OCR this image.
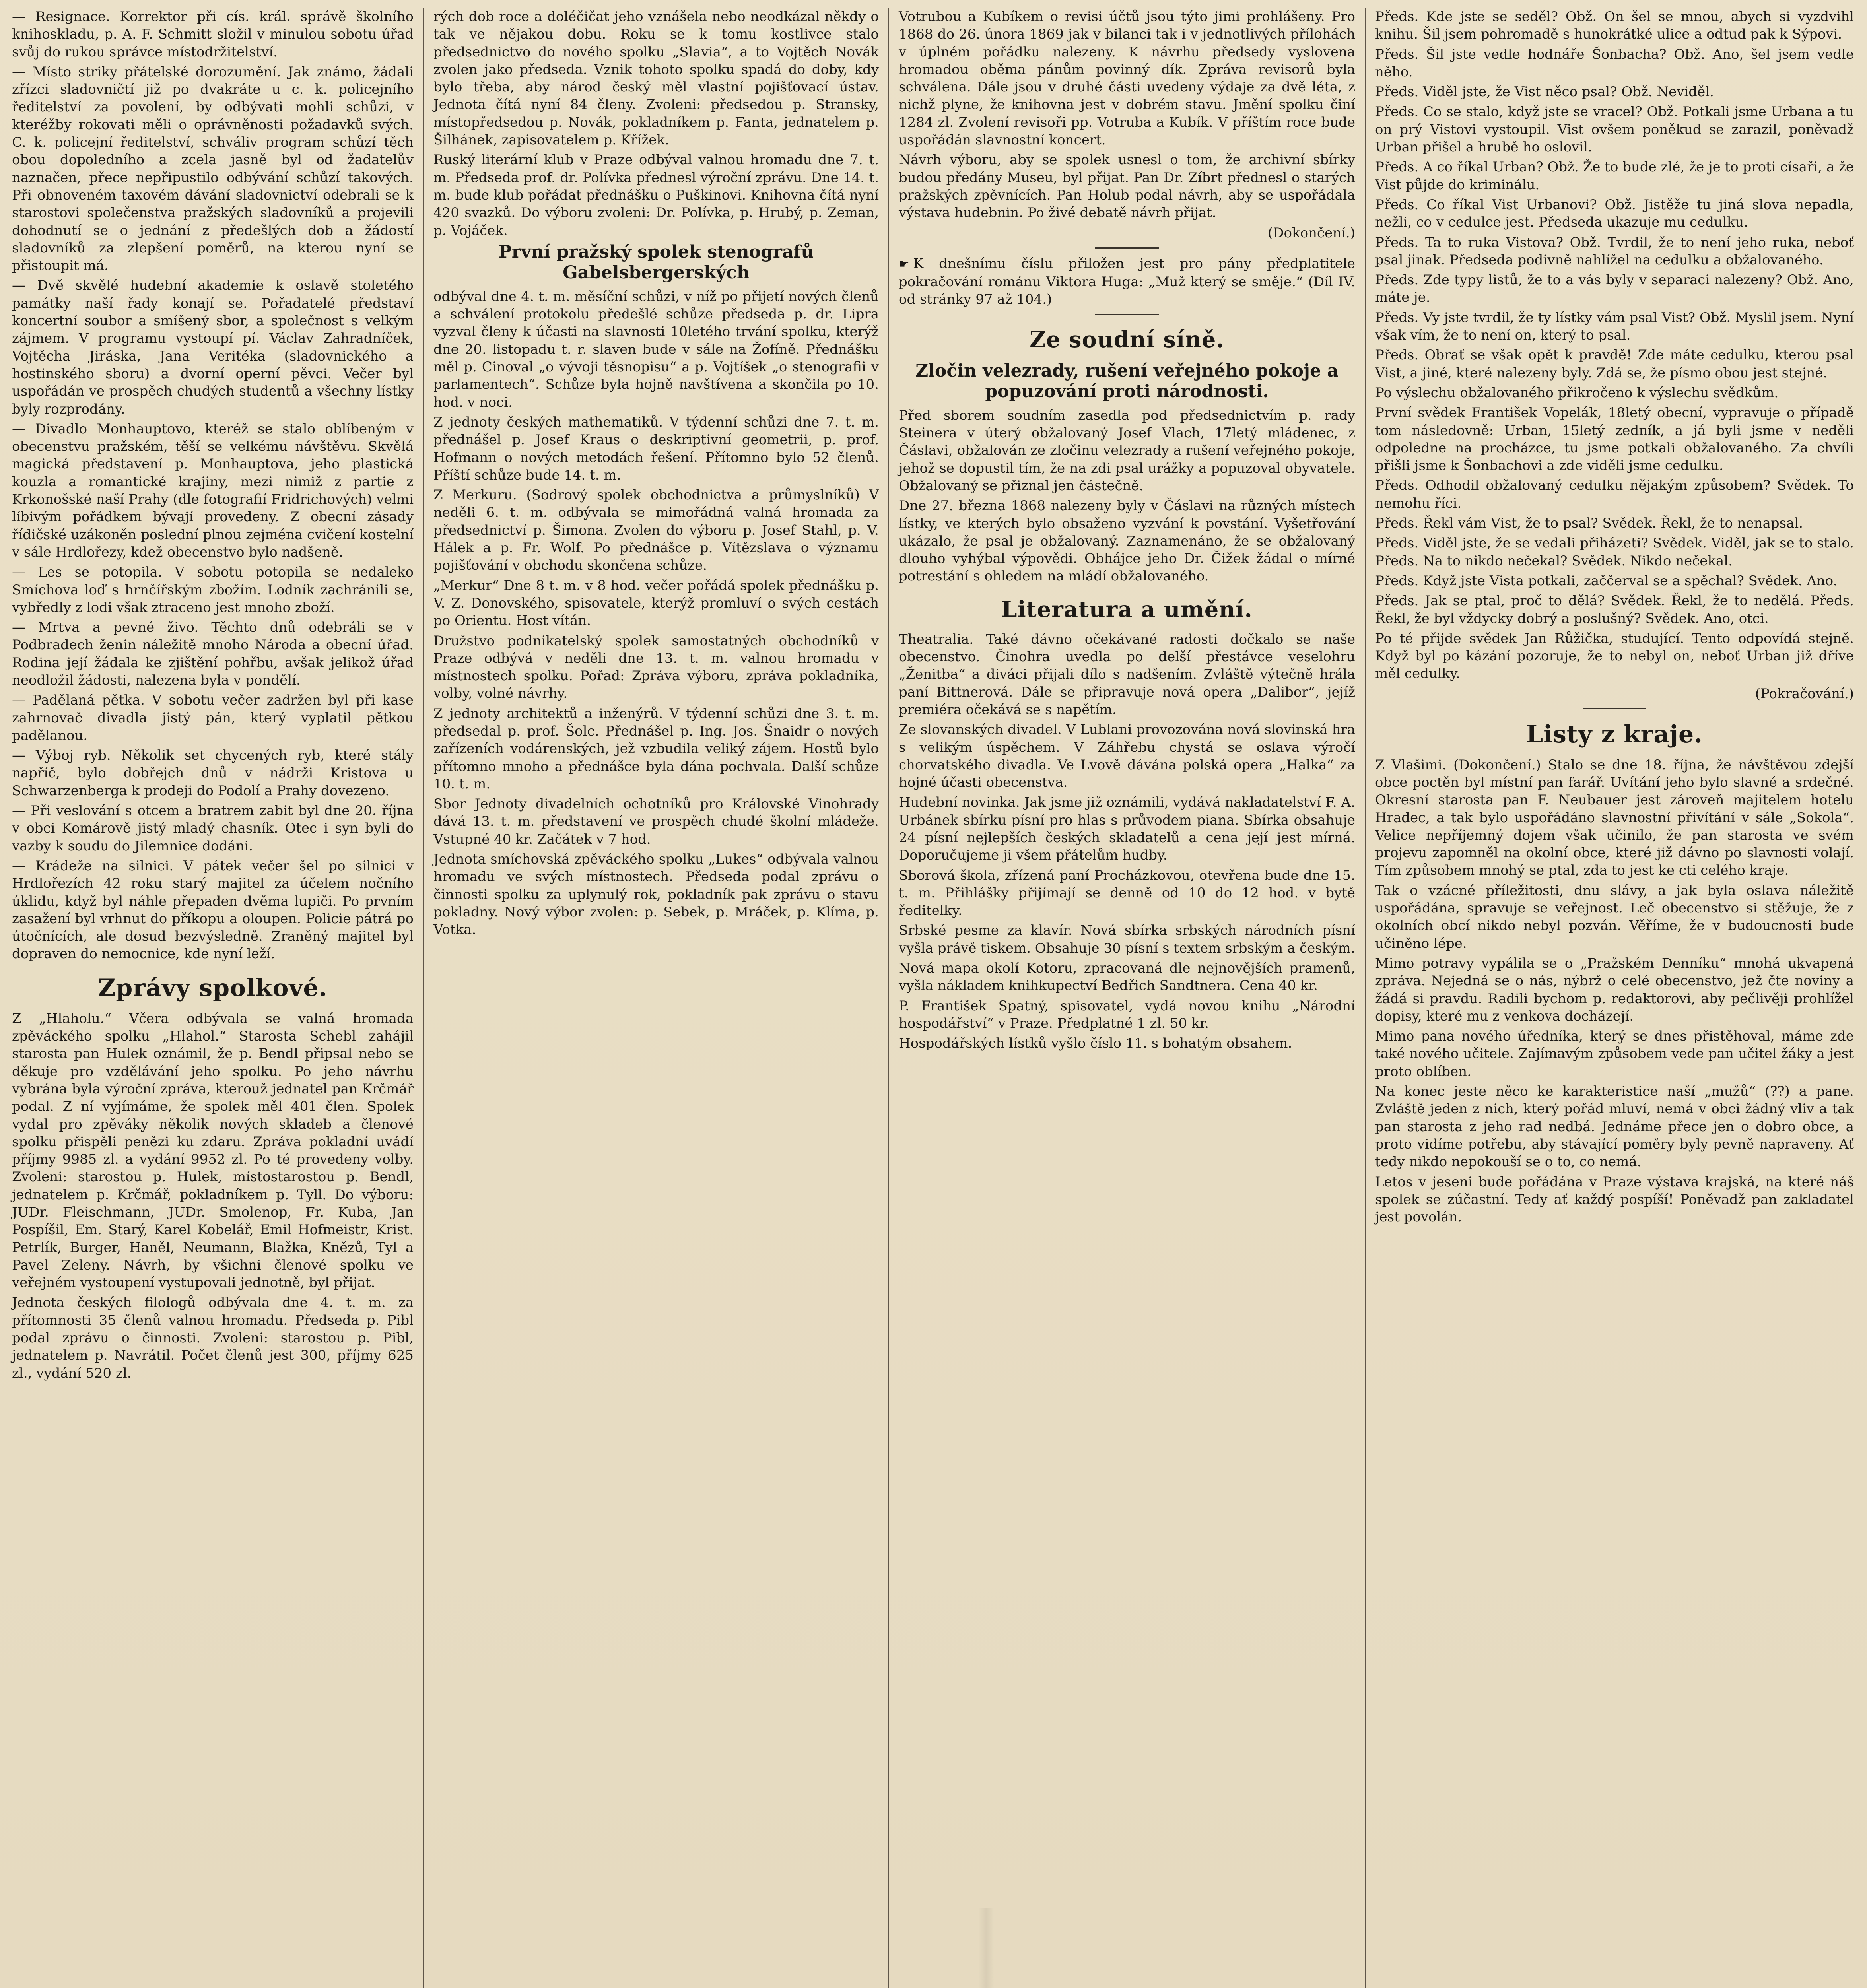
— Resignace. Korrektor při cís. král. správě školního knihoskladu, p. A. F. Schmitt složil v minulou sobotu úřad svůj do rukou správce místodržitelství.

— Místo striky přátelské dorozumění. Jak známo, žádali zřízci sladovničtí již po dvakráte u c. k. policejního ředitelství za povolení, by odbývati mohli schůzi, v kteréžby rokovati měli o oprávněnosti požadavků svých. C. k. policejní ředitelství, schváliv program schůzí těch obou dopoledního a zcela jasně byl od žadatelův naznačen, přece nepřipustilo odbývání schůzí takových. Při obnoveném taxovém dávání sladovnictví odebrali se k starostovi společenstva pražských sladovníků a projevili dohodnutí se o jednání z předešlých dob a žádostí sladovníků za zlepšení poměrů, na kterou nyní se přistoupit má.

— Dvě skvělé hudební akademie k oslavě stoletého památky naší řady konají se. Pořadatelé představí koncertní soubor a smíšený sbor, a společnost s velkým zájmem. V programu vystoupí pí. Václav Zahradníček, Vojtěcha Jiráska, Jana Veritéka (sladovnického a hostinského sboru) a dvorní operní pěvci. Večer byl uspořádán ve prospěch chudých studentů a všechny lístky byly rozprodány.

— Divadlo Monhauptovo, kteréž se stalo oblíbeným v obecenstvu pražském, těší se velkému návštěvu. Skvělá magická představení p. Monhauptova, jeho plastická kouzla a romantické krajiny, mezi nimiž z partie z Krkonošské naší Prahy (dle fotografií Fridrichových) velmi líbivým pořádkem bývají provedeny. Z obecní zásady řídičské uzákoněn poslední plnou zejména cvičení kostelní v sále Hrdlořezy, kdež obecenstvo bylo nadšeně.

— Les se potopila. V sobotu potopila se nedaleko Smíchova loď s hrnčířským zbožím. Lodník zachránili se, vybředly z lodi však ztraceno jest mnoho zboží.

— Mrtva a pevné živo. Těchto dnů odebráli se v Podbradech ženin náležitě mnoho Národa a obecní úřad. Rodina její žádala ke zjištění pohřbu, avšak jelikož úřad neodložil žádosti, nalezena byla v pondělí.

— Padělaná pětka. V sobotu večer zadržen byl při kase zahrnovač divadla jistý pán, který vyplatil pětkou padělanou.

— Výboj ryb. Několik set chycených ryb, které stály napříč, bylo dobřejch dnů v nádrži Kristova u Schwarzenberga k prodeji do Podolí a Prahy dovezeno.

— Při veslování s otcem a bratrem zabit byl dne 20. října v obci Komárově jistý mladý chasník. Otec i syn byli do vazby k soudu do Jilemnice dodáni.

— Krádeže na silnici. V pátek večer šel po silnici v Hrdlořezích 42 roku starý majitel za účelem nočního úklidu, když byl náhle přepaden dvěma lupiči. Po prvním zasažení byl vrhnut do příkopu a oloupen. Policie pátrá po útočnících, ale dosud bezvýsledně. Zraněný majitel byl dopraven do nemocnice, kde nyní leží.

Zprávy spolkové.

Z „Hlaholu.“ Včera odbývala se valná hromada zpěváckého spolku „Hlahol.“ Starosta Schebl zahájil starosta pan Hulek oznámil, že p. Bendl připsal nebo se děkuje pro vzdělávání jeho spolku. Po jeho návrhu vybrána byla výroční zpráva, kterouž jednatel pan Krčmář podal. Z ní vyjímáme, že spolek měl 401 člen. Spolek vydal pro zpěváky několik nových skladeb a členové spolku přispěli penězi ku zdaru. Zpráva pokladní uvádí příjmy 9985 zl. a vydání 9952 zl. Po té provedeny volby. Zvoleni: starostou p. Hulek, místostarostou p. Bendl, jednatelem p. Krčmář, pokladníkem p. Tyll. Do výboru: JUDr. Fleischmann, JUDr. Smolenop, Fr. Kuba, Jan Pospíšil, Em. Starý, Karel Kobelář, Emil Hofmeistr, Krist. Petrlík, Burger, Haněl, Neumann, Blažka, Knězů, Tyl a Pavel Zeleny. Návrh, by všichni členové spolku ve veřejném vystoupení vystupovali jednotně, byl přijat.

Jednota českých filologů odbývala dne 4. t. m. za přítomnosti 35 členů valnou hromadu. Předseda p. Pibl podal zprávu o činnosti. Zvoleni: starostou p. Pibl, jednatelem p. Navrátil. Počet členů jest 300, příjmy 625 zl., vydání 520 zl.

rých dob roce a doléčičat jeho vznášela nebo neodkázal někdy o tak ve nějakou dobu. Roku se k tomu kostlivce stalo předsednictvo do nového spolku „Slavia“, a to Vojtěch Novák zvolen jako předseda. Vznik tohoto spolku spadá do doby, kdy bylo třeba, aby národ český měl vlastní pojišťovací ústav. Jednota čítá nyní 84 členy. Zvoleni: předsedou p. Stransky, místopředsedou p. Novák, pokladníkem p. Fanta, jednatelem p. Šilhánek, zapisovatelem p. Křížek.

Ruský literární klub v Praze odbýval valnou hromadu dne 7. t. m. Předseda prof. dr. Polívka přednesl výroční zprávu. Dne 14. t. m. bude klub pořádat přednášku o Puškinovi. Knihovna čítá nyní 420 svazků. Do výboru zvoleni: Dr. Polívka, p. Hrubý, p. Zeman, p. Vojáček.

První pražský spolek stenografů Gabelsbergerských

odbýval dne 4. t. m. měsíční schůzi, v níž po přijetí nových členů a schválení protokolu předešlé schůze předseda p. dr. Lipra vyzval členy k účasti na slavnosti 10letého trvání spolku, kterýž dne 20. listopadu t. r. slaven bude v sále na Žofíně. Přednášku měl p. Cinoval „o vývoji těsnopisu“ a p. Vojtíšek „o stenografii v parlamentech“. Schůze byla hojně navštívena a skončila po 10. hod. v noci.

Z jednoty českých mathematiků. V týdenní schůzi dne 7. t. m. přednášel p. Josef Kraus o deskriptivní geometrii, p. prof. Hofmann o nových metodách řešení. Přítomno bylo 52 členů. Příští schůze bude 14. t. m.

Z Merkuru. (Sodrový spolek obchodnictva a průmyslníků) V neděli 6. t. m. odbývala se mimořádná valná hromada za předsednictví p. Šimona. Zvolen do výboru p. Josef Stahl, p. V. Hálek a p. Fr. Wolf. Po přednášce p. Vítězslava o významu pojišťování v obchodu skončena schůze.

„Merkur“ Dne 8 t. m. v 8 hod. večer pořádá spolek přednášku p. V. Z. Donovského, spisovatele, kterýž promluví o svých cestách po Orientu. Host vítán.

Družstvo podnikatelský spolek samostatných obchodníků v Praze odbývá v neděli dne 13. t. m. valnou hromadu v místnostech spolku. Pořad: Zpráva výboru, zpráva pokladníka, volby, volné návrhy.

Z jednoty architektů a inženýrů. V týdenní schůzi dne 3. t. m. předsedal p. prof. Šolc. Přednášel p. Ing. Jos. Šnaidr o nových zařízeních vodárenských, jež vzbudila veliký zájem. Hostů bylo přítomno mnoho a přednášce byla dána pochvala. Další schůze 10. t. m.

Sbor Jednoty divadelních ochotníků pro Královské Vinohrady dává 13. t. m. představení ve prospěch chudé školní mládeže. Vstupné 40 kr. Začátek v 7 hod.

Jednota smíchovská zpěváckého spolku „Lukes“ odbývala valnou hromadu ve svých místnostech. Předseda podal zprávu o činnosti spolku za uplynulý rok, pokladník pak zprávu o stavu pokladny. Nový výbor zvolen: p. Sebek, p. Mráček, p. Klíma, p. Votka.

Votrubou a Kubíkem o revisi účtů jsou týto jimi prohlášeny. Pro 1868 do 26. února 1869 jak v bilanci tak i v jednotlivých přílohách v úplném pořádku nalezeny. K návrhu předsedy vyslovena hromadou oběma pánům povinný dík. Zpráva revisorů byla schválena. Dále jsou v druhé části uvedeny výdaje za dvě léta, z nichž plyne, že knihovna jest v dobrém stavu. Jmění spolku činí 1284 zl. Zvolení revisoři pp. Votruba a Kubík. V příštím roce bude uspořádán slavnostní koncert.

Návrh výboru, aby se spolek usnesl o tom, že archivní sbírky budou předány Museu, byl přijat. Pan Dr. Zíbrt přednesl o starých pražských zpěvnících. Pan Holub podal návrh, aby se uspořádala výstava hudebnin. Po živé debatě návrh přijat.

(Dokončení.)

☛ K dnešnímu číslu přiložen jest pro pány předplatitele pokračování románu Viktora Huga: „Muž který se směje.“ (Díl IV. od stránky 97 až 104.)

Ze soudní síně.
Zločin velezrady, rušení veřejného pokoje a popuzování proti národnosti.

Před sborem soudním zasedla pod předsednictvím p. rady Steinera v úterý obžalovaný Josef Vlach, 17letý mládenec, z Čáslavi, obžalován ze zločinu velezrady a rušení veřejného pokoje, jehož se dopustil tím, že na zdi psal urážky a popuzoval obyvatele. Obžalovaný se přiznal jen částečně.

Dne 27. března 1868 nalezeny byly v Čáslavi na různých místech lístky, ve kterých bylo obsaženo vyzvání k povstání. Vyšetřování ukázalo, že psal je obžalovaný. Zaznamenáno, že se obžalovaný dlouho vyhýbal výpovědi. Obhájce jeho Dr. Čižek žádal o mírné potrestání s ohledem na mládí obžalovaného.

Literatura a umění.

Theatralia. Také dávno očekávané radosti dočkalo se naše obecenstvo. Činohra uvedla po delší přestávce veselohru „Ženitba“ a diváci přijali dílo s nadšením. Zvláště výtečně hrála paní Bittnerová. Dále se připravuje nová opera „Dalibor“, jejíž premiéra očekává se s napětím.

Ze slovanských divadel. V Lublani provozována nová slovinská hra s velikým úspěchem. V Záhřebu chystá se oslava výročí chorvatského divadla. Ve Lvově dávána polská opera „Halka“ za hojné účasti obecenstva.

Hudební novinka. Jak jsme již oznámili, vydává nakladatelství F. A. Urbánek sbírku písní pro hlas s průvodem piana. Sbírka obsahuje 24 písní nejlepších českých skladatelů a cena její jest mírná. Doporučujeme ji všem přátelům hudby.

Sborová škola, zřízená paní Procházkovou, otevřena bude dne 15. t. m. Přihlášky přijímají se denně od 10 do 12 hod. v bytě ředitelky.

Srbské pesme za klavír. Nová sbírka srbských národních písní vyšla právě tiskem. Obsahuje 30 písní s textem srbským a českým.

Nová mapa okolí Kotoru, zpracovaná dle nejnovějších pramenů, vyšla nákladem knihkupectví Bedřich Sandtnera. Cena 40 kr.

P. František Spatný, spisovatel, vydá novou knihu „Národní hospodářství“ v Praze. Předplatné 1 zl. 50 kr.

Hospodářských lístků vyšlo číslo 11. s bohatým obsahem.

Předs. Kde jste se seděl? Obž. On šel se mnou, abych si vyzdvihl knihu. Šil jsem pohromadě s hunokrátké ulice a odtud pak k Sýpovi.

Předs. Šil jste vedle hodnáře Šonbacha? Obž. Ano, šel jsem vedle něho.

Předs. Viděl jste, že Vist něco psal? Obž. Neviděl.

Předs. Co se stalo, když jste se vracel? Obž. Potkali jsme Urbana a tu on prý Vistovi vystoupil. Vist ovšem poněkud se zarazil, poněvadž Urban přišel a hrubě ho oslovil.

Předs. A co říkal Urban? Obž. Že to bude zlé, že je to proti císaři, a že Vist půjde do kriminálu.

Předs. Co říkal Vist Urbanovi? Obž. Jistěže tu jiná slova nepadla, nežli, co v cedulce jest. Předseda ukazuje mu cedulku.

Předs. Ta to ruka Vistova? Obž. Tvrdil, že to není jeho ruka, neboť psal jinak. Předseda podivně nahlížel na cedulku a obžalovaného.

Předs. Zde typy listů, že to a vás byly v separaci nalezeny? Obž. Ano, máte je.

Předs. Vy jste tvrdil, že ty lístky vám psal Vist? Obž. Myslil jsem. Nyní však vím, že to není on, který to psal.

Předs. Obrať se však opět k pravdě! Zde máte cedulku, kterou psal Vist, a jiné, které nalezeny byly. Zdá se, že písmo obou jest stejné.

Po výslechu obžalovaného přikročeno k výslechu svědkům.

První svědek František Vopelák, 18letý obecní, vypravuje o případě tom následovně: Urban, 15letý zedník, a já byli jsme v neděli odpoledne na procházce, tu jsme potkali obžalovaného. Za chvíli přišli jsme k Šonbachovi a zde viděli jsme cedulku.

Předs. Odhodil obžalovaný cedulku nějakým způsobem? Svědek. To nemohu říci.

Předs. Řekl vám Vist, že to psal? Svědek. Řekl, že to nenapsal.

Předs. Viděl jste, že se vedali přiházeti? Svědek. Viděl, jak se to stalo. Předs. Na to nikdo nečekal? Svědek. Nikdo nečekal.

Předs. Když jste Vista potkali, začčerval se a spěchal? Svědek. Ano.

Předs. Jak se ptal, proč to dělá? Svědek. Řekl, že to nedělá. Předs. Řekl, že byl vždycky dobrý a poslušný? Svědek. Ano, otci.

Po té přijde svědek Jan Růžička, studující. Tento odpovídá stejně. Když byl po kázání pozoruje, že to nebyl on, neboť Urban již dříve měl cedulky.

(Pokračování.)
Listy z kraje.

Z Vlašimi. (Dokončení.) Stalo se dne 18. října, že návštěvou zdejší obce poctěn byl místní pan farář. Uvítání jeho bylo slavné a srdečné. Okresní starosta pan F. Neubauer jest zároveň majitelem hotelu Hradec, a tak bylo uspořádáno slavnostní přivítání v sále „Sokola“. Velice nepříjemný dojem však učinilo, že pan starosta ve svém projevu zapomněl na okolní obce, které již dávno po slavnosti volají. Tím způsobem mnohý se ptal, zda to jest ke cti celého kraje.

Tak o vzácné příležitosti, dnu slávy, a jak byla oslava náležitě uspořádána, spravuje se veřejnost. Leč obecenstvo si stěžuje, že z okolních obcí nikdo nebyl pozván. Věříme, že v budoucnosti bude učiněno lépe.

Mimo potravy vypálila se o „Pražském Denníku“ mnohá ukvapená zpráva. Nejedná se o nás, nýbrž o celé obecenstvo, jež čte noviny a žádá si pravdu. Radili bychom p. redaktorovi, aby pečlivěji prohlížel dopisy, které mu z venkova docházejí.

Mimo pana nového úředníka, který se dnes přistěhoval, máme zde také nového učitele. Zajímavým způsobem vede pan učitel žáky a jest proto oblíben.

Na konec jeste něco ke karakteristice naší „mužů“ (??) a pane. Zvláště jeden z nich, který pořád mluví, nemá v obci žádný vliv a tak pan starosta z jeho rad nedbá. Jednáme přece jen o dobro obce, a proto vidíme potřebu, aby stávající poměry byly pevně napraveny. Ať tedy nikdo nepokouší se o to, co nemá.

Letos v jeseni bude pořádána v Praze výstava krajská, na které náš spolek se zúčastní. Tedy ať každý pospíší! Poněvadž pan zakladatel jest povolán.
